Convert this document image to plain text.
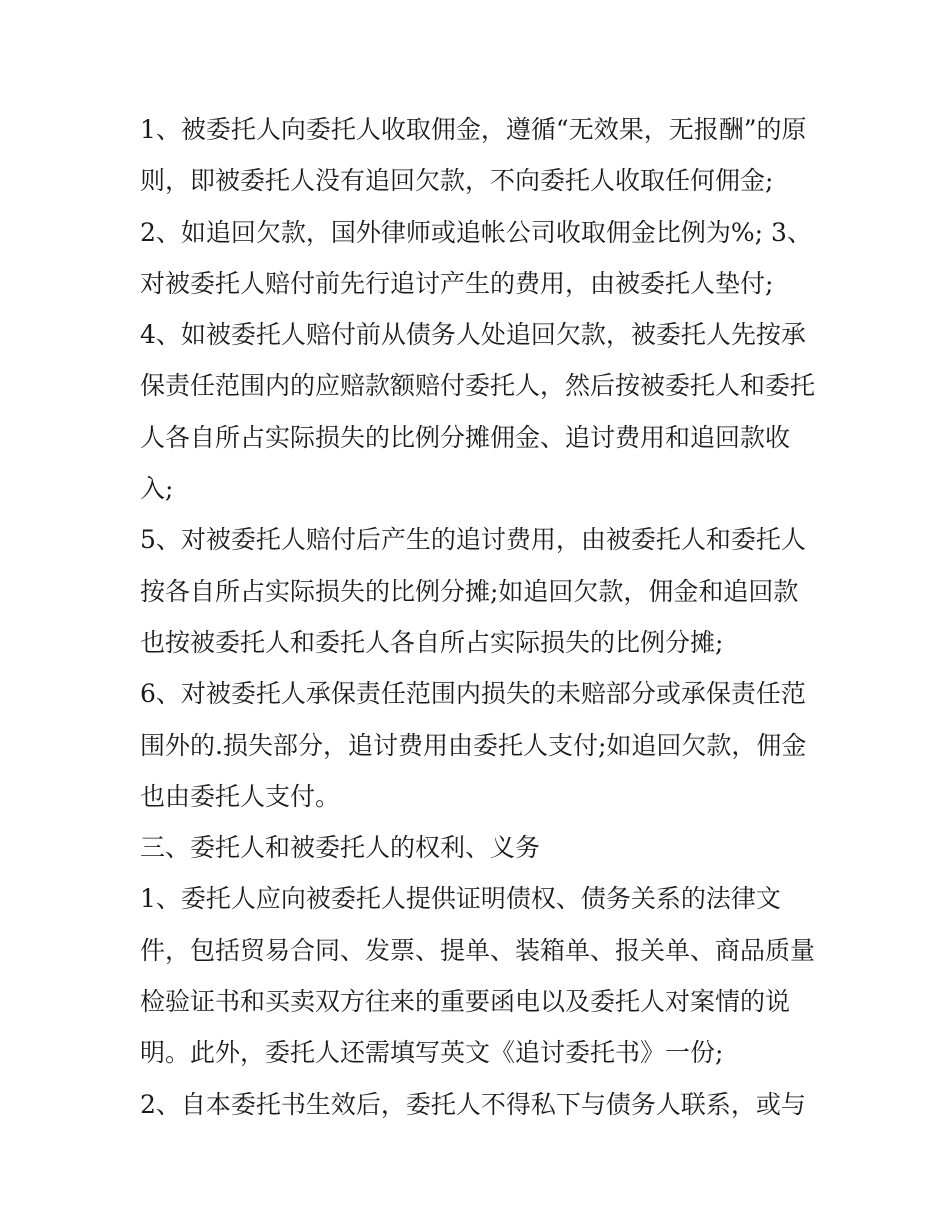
1、被委托人向委托人收取佣金，遵循“无效果，无报酬”的原
则，即被委托人没有追回欠款，不向委托人收取任何佣金;
2、如追回欠款，国外律师或追帐公司收取佣金比例为%; 3、
对被委托人赔付前先行追讨产生的费用，由被委托人垫付;
4、如被委托人赔付前从债务人处追回欠款，被委托人先按承
保责任范围内的应赔款额赔付委托人，然后按被委托人和委托
人各自所占实际损失的比例分摊佣金、追讨费用和追回款收
入;
5、对被委托人赔付后产生的追讨费用，由被委托人和委托人
按各自所占实际损失的比例分摊;如追回欠款，佣金和追回款
也按被委托人和委托人各自所占实际损失的比例分摊;
6、对被委托人承保责任范围内损失的未赔部分或承保责任范
围外的.损失部分，追讨费用由委托人支付;如追回欠款，佣金
也由委托人支付。
三、委托人和被委托人的权利、义务
1、委托人应向被委托人提供证明债权、债务关系的法律文
件，包括贸易合同、发票、提单、装箱单、报关单、商品质量
检验证书和买卖双方往来的重要函电以及委托人对案情的说
明。此外，委托人还需填写英文《追讨委托书》一份;
2、自本委托书生效后，委托人不得私下与债务人联系，或与
